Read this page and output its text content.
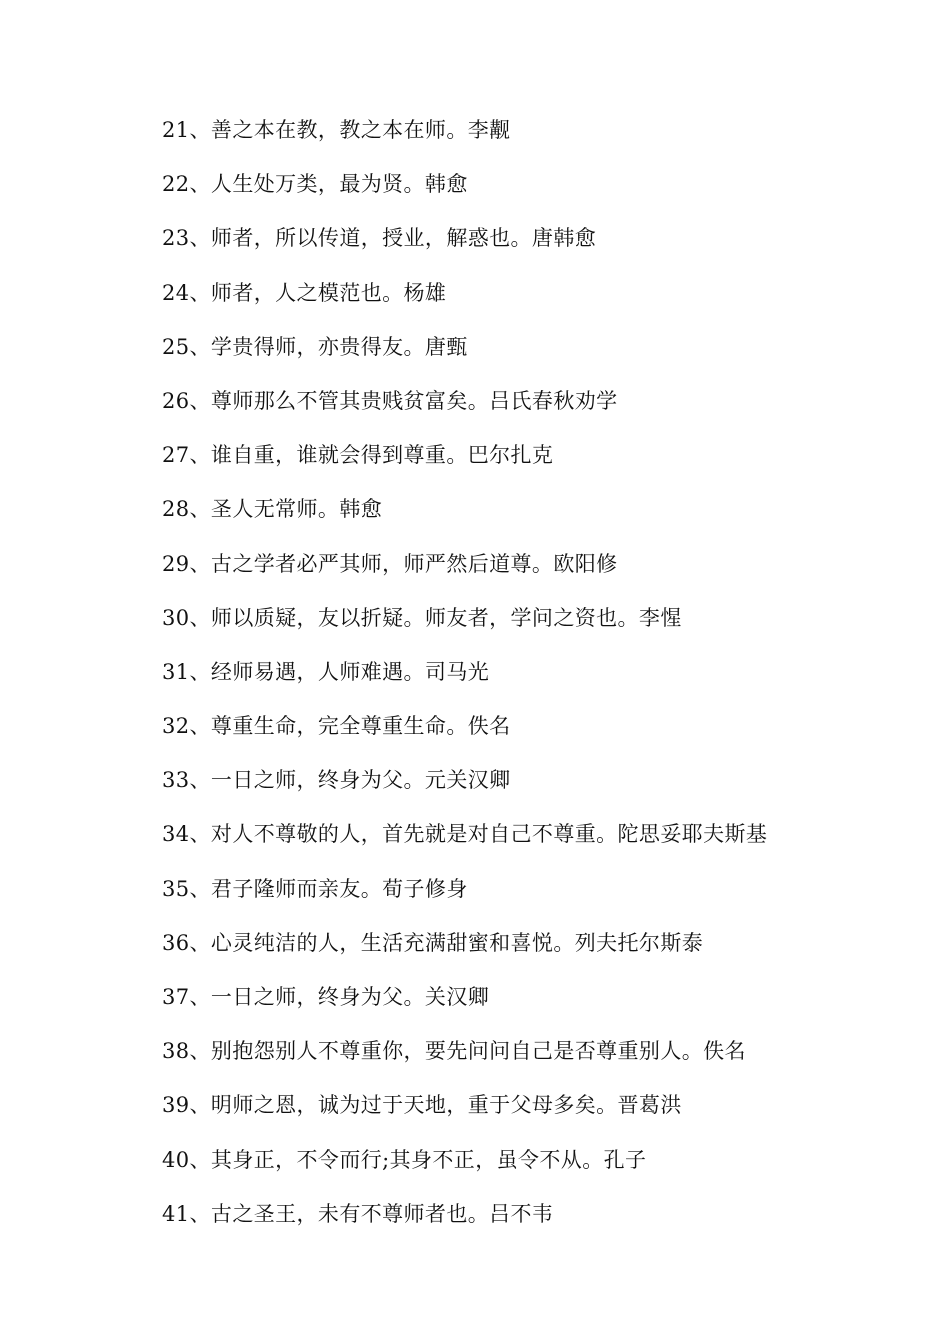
21、善之本在教，教之本在师。李觏
22、人生处万类，最为贤。韩愈
23、师者，所以传道，授业，解惑也。唐韩愈
24、师者，人之模范也。杨雄
25、学贵得师，亦贵得友。唐甄
26、尊师那么不管其贵贱贫富矣。吕氏春秋劝学
27、谁自重，谁就会得到尊重。巴尔扎克
28、圣人无常师。韩愈
29、古之学者必严其师，师严然后道尊。欧阳修
30、师以质疑，友以折疑。师友者，学问之资也。李惺
31、经师易遇，人师难遇。司马光
32、尊重生命，完全尊重生命。佚名
33、一日之师，终身为父。元关汉卿
34、对人不尊敬的人，首先就是对自己不尊重。陀思妥耶夫斯基
35、君子隆师而亲友。荀子修身
36、心灵纯洁的人，生活充满甜蜜和喜悦。列夫托尔斯泰
37、一日之师，终身为父。关汉卿
38、别抱怨别人不尊重你，要先问问自己是否尊重别人。佚名
39、明师之恩，诚为过于天地，重于父母多矣。晋葛洪
40、其身正，不令而行;其身不正，虽令不从。孔子
41、古之圣王，未有不尊师者也。吕不韦
